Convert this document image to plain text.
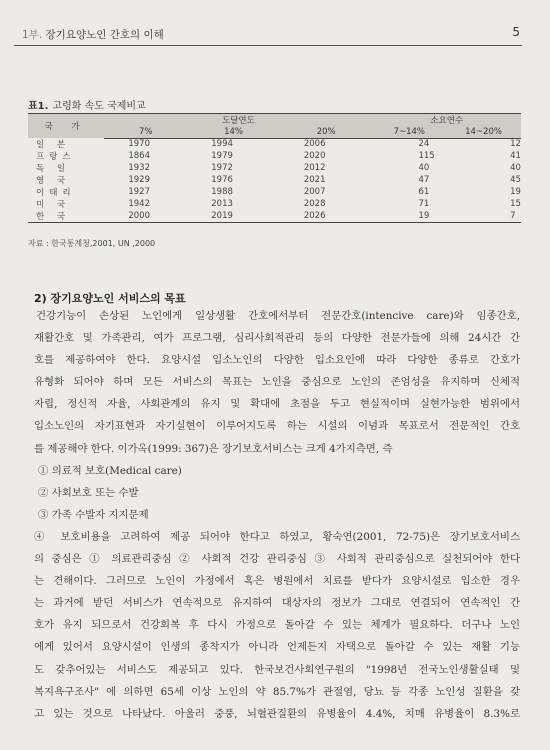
1부. 장기요양노인 간호의 이해	5
표1. 고령화 속도 국제비교
국 가	도달연도			소요연수	
	7%	14%	20%	7~14%	14~20%
일 본	1970	1994	2006	24	12
프랑스	1864	1979	2020	115	41
독 일	1932	1972	2012	40	40
영 국	1929	1976	2021	47	45
이태리	1927	1988	2007	61	19
미 국	1942	2013	2028	71	15
한 국	2000	2019	2026	19	7
자료 : 한국통계청,2001, UN ,2000
2) 장기요양노인 서비스의 목표
건강기능이 손상된 노인에게 일상생활 간호에서부터 전문간호(intencive care)와 임종간호,
재활간호 및 가족관리, 여가 프로그램, 심리사회적관리 등의 다양한 전문가들에 의해 24시간 간
호를 제공하여야 한다. 요양시설 입소노인의 다양한 입소요인에 따라 다양한 종류로 간호가
유형화 되어야 하며 모든 서비스의 목표는 노인을 중심으로 노인의 존엄성을 유지하며 신체적
자립, 정신적 자율, 사회관계의 유지 및 확대에 초점을 두고 현실적이며 실현가능한 범위에서
입소노인의 자기표현과 자기실현이 이루어지도록 하는 시설의 이념과 목표로서 전문적인 간호
를 제공해야 한다. 이가옥(1999: 367)은 장기보호서비스는 크게 4가지측면, 즉
① 의료적 보호(Medical care)
② 사회보호 또는 수발
③ 가족 수발자 지지문제
④ 보호비용을 고려하여 제공 되어야 한다고 하였고, 황숙연(2001, 72-75)은 장기보호서비스
의 중심은 ① 의료관리중심 ② 사회적 건강 관리중심 ③ 사회적 관리중심으로 실천되어야 한다
는 견해이다. 그러므로 노인이 가정에서 혹은 병원에서 치료를 받다가 요양시설로 입소한 경우
는 과거에 받던 서비스가 연속적으로 유지하여 대상자의 정보가 그대로 연결되어 연속적인 간
호가 유지 되므로서 건강회복 후 다시 가정으로 돌아갈 수 있는 체계가 필요하다. 더구나 노인
에게 있어서 요양시설이 인생의 종착지가 아니라 언제든지 자택으로 돌아갈 수 있는 재활 기능
도 갖추어있는 서비스도 제공되고 있다. 한국보건사회연구원의 "1998년 전국노인생활실태 및
복지욕구조사" 에 의하면 65세 이상 노인의 약 85.7%가 관절염, 당뇨 등 각종 노인성 질환을 갖
고 있는 것으로 나타났다. 아울러 중풍, 뇌혈관질환의 유병율이 4.4%, 치매 유병율이 8.3%로
